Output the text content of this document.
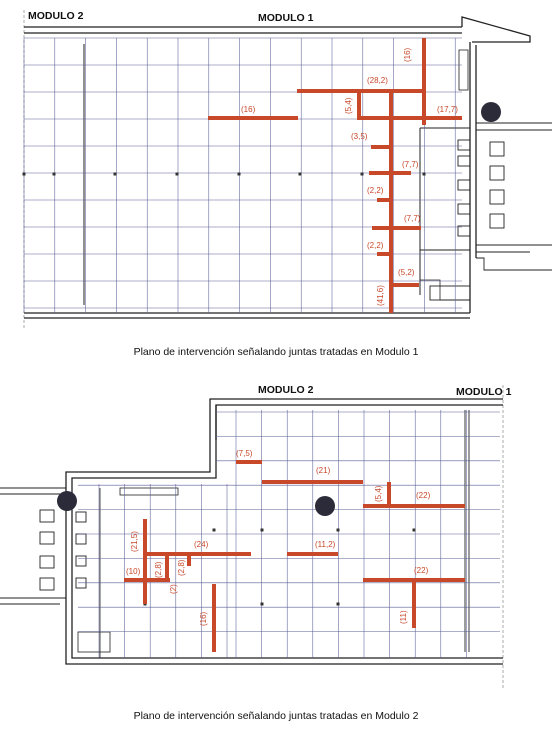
MODULO 2	MODULO 1
(16)
(28,2)
(5,4)
(16)	(17,7)
(3,5)
(7,7)
(2,2)
(7,7)
(2,2)
(5,2)
(41,6)
MODULO 2	MODULO 1
(7,5)
(21)
(5,4)	(22)
(21,5)	(24)	(11,2)
(2,8) (2,8)
(10)
(2)
(16)
(22)
(11)
Plano de intervención señalando juntas tratadas en Modulo 1
Plano de intervención señalando juntas tratadas en Modulo 2
